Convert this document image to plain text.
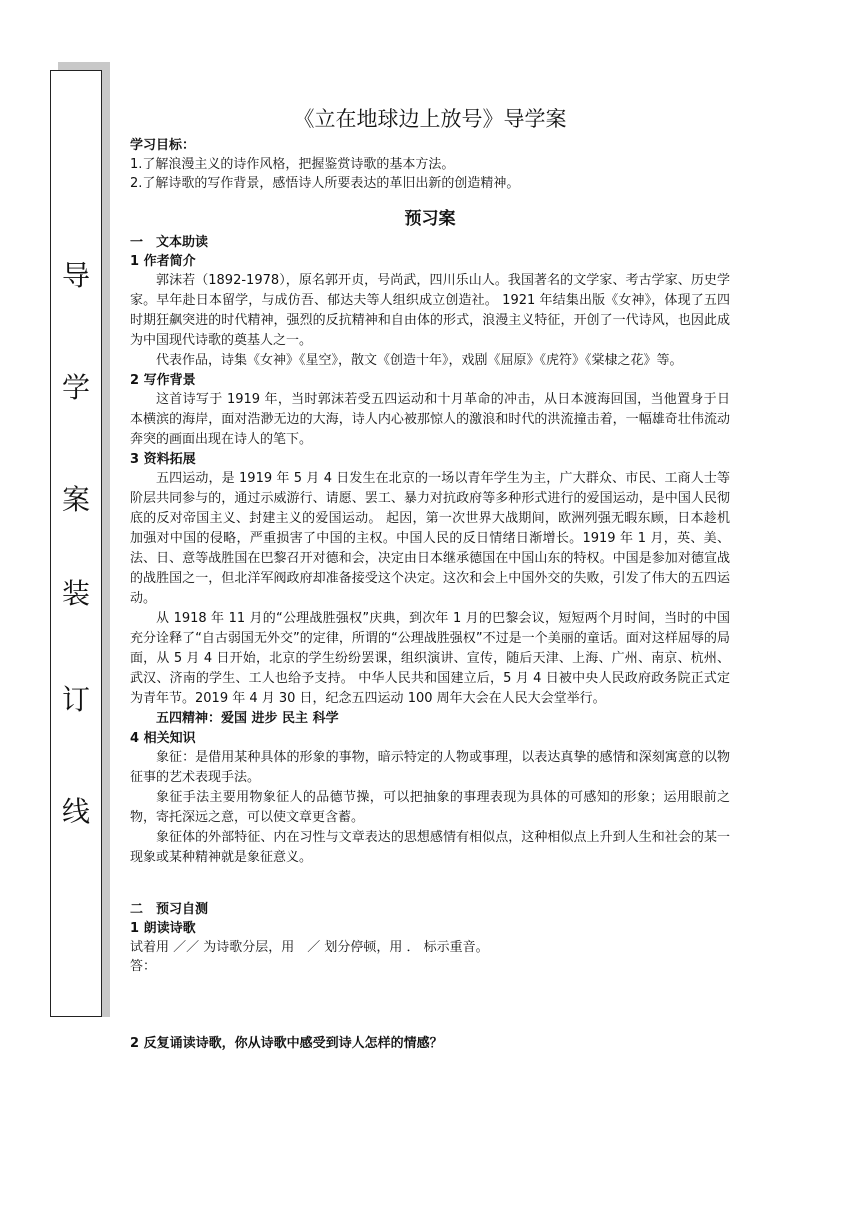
导
学
案
装
订
线
《立在地球边上放号》导学案
学习目标：
1.了解浪漫主义的诗作风格，把握鉴赏诗歌的基本方法。
2.了解诗歌的写作背景，感悟诗人所要表达的革旧出新的创造精神。
预习案
一　文本助读
1 作者简介

郭沫若（1892-1978），原名郭开贞，号尚武，四川乐山人。我国著名的文学家、考古学家、历史学家。早年赴日本留学，与成仿吾、郁达夫等人组织成立创造社。 1921 年结集出版《女神》，体现了五四时期狂飙突进的时代精神，强烈的反抗精神和自由体的形式，浪漫主义特征，开创了一代诗风，也因此成为中国现代诗歌的奠基人之一。

代表作品，诗集《女神》《星空》，散文《创造十年》，戏剧《屈原》《虎符》《棠棣之花》等。

2 写作背景

这首诗写于 1919 年，当时郭沫若受五四运动和十月革命的冲击，从日本渡海回国，当他置身于日本横滨的海岸，面对浩渺无边的大海，诗人内心被那惊人的激浪和时代的洪流撞击着，一幅雄奇壮伟流动奔突的画面出现在诗人的笔下。

3 资料拓展

五四运动，是 1919 年 5 月 4 日发生在北京的一场以青年学生为主，广大群众、市民、工商人士等阶层共同参与的，通过示威游行、请愿、罢工、暴力对抗政府等多种形式进行的爱国运动，是中国人民彻底的反对帝国主义、封建主义的爱国运动。 起因，第一次世界大战期间，欧洲列强无暇东顾，日本趁机加强对中国的侵略，严重损害了中国的主权。中国人民的反日情绪日渐增长。1919 年 1 月，英、美、法、日、意等战胜国在巴黎召开对德和会，决定由日本继承德国在中国山东的特权。中国是参加对德宣战的战胜国之一，但北洋军阀政府却准备接受这个决定。这次和会上中国外交的失败，引发了伟大的五四运动。

从 1918 年 11 月的“公理战胜强权”庆典，到次年 1 月的巴黎会议，短短两个月时间，当时的中国充分诠释了“自古弱国无外交”的定律，所谓的“公理战胜强权”不过是一个美丽的童话。面对这样屈辱的局面，从 5 月 4 日开始，北京的学生纷纷罢课，组织演讲、宣传，随后天津、上海、广州、南京、杭州、武汉、济南的学生、工人也给予支持。 中华人民共和国建立后，5 月 4 日被中央人民政府政务院正式定为青年节。2019 年 4 月 30 日，纪念五四运动 100 周年大会在人民大会堂举行。

五四精神：爱国 进步 民主 科学

4 相关知识

象征：是借用某种具体的形象的事物，暗示特定的人物或事理，以表达真挚的感情和深刻寓意的以物征事的艺术表现手法。

象征手法主要用物象征人的品德节操，可以把抽象的事理表现为具体的可感知的形象；运用眼前之物，寄托深远之意，可以使文章更含蓄。

象征体的外部特征、内在习性与文章表达的思想感情有相似点，这种相似点上升到人生和社会的某一现象或某种精神就是象征意义。

二　预习自测
1 朗读诗歌
试着用 ／／ 为诗歌分层，用　／ 划分停顿，用 ． 标示重音。
答：
2 反复诵读诗歌，你从诗歌中感受到诗人怎样的情感？
